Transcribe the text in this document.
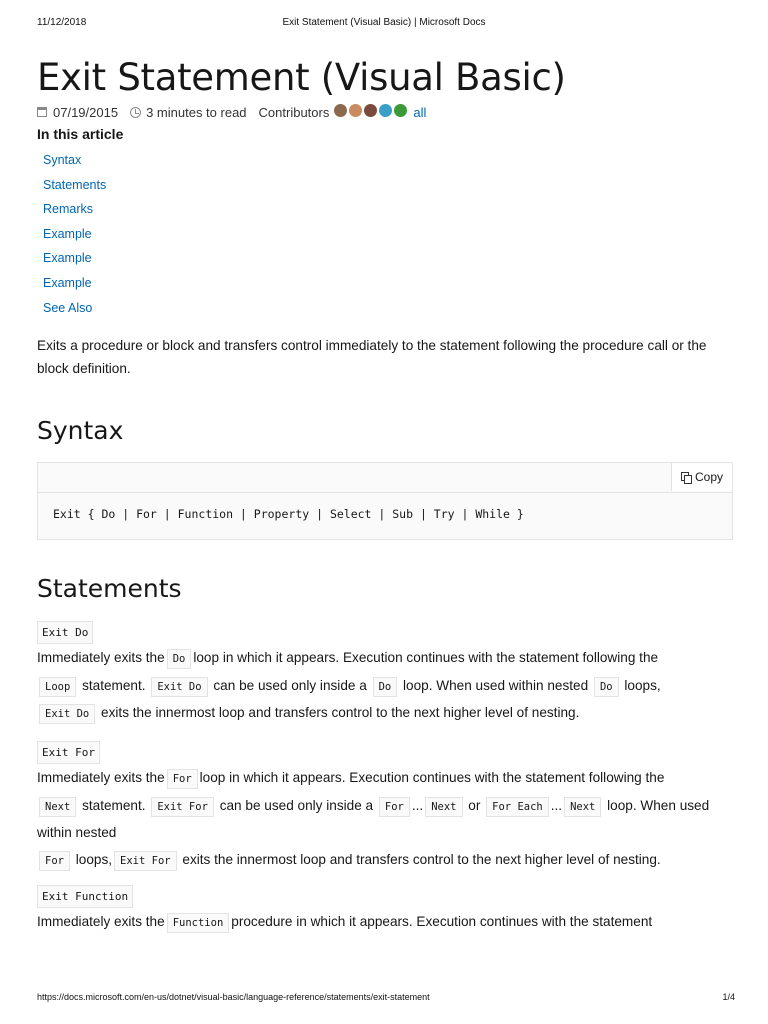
11/12/2018	Exit Statement (Visual Basic) | Microsoft Docs
Exit Statement (Visual Basic)
07/19/2015 3 minutes to read Contributors	all
In this article
Syntax
Statements
Remarks
Example
Example
Example
See Also

Exits a procedure or block and transfers control immediately to the statement following the procedure call or the block definition.

Syntax
Copy
Exit { Do | For | Function | Property | Select | Sub | Try | While }
Statements
Exit Do
Immediately exits the Do loop in which it appears. Execution continues with the statement following the
Loop statement. Exit Do can be used only inside a Do loop. When used within nested Do loops,
Exit Do exits the innermost loop and transfers control to the next higher level of nesting.
Exit For
Immediately exits the For loop in which it appears. Execution continues with the statement following the
Next statement. Exit For can be used only inside a For ... Next or For Each ... Next loop. When used within nested
For loops, Exit For exits the innermost loop and transfers control to the next higher level of nesting.
Exit Function
Immediately exits the Function procedure in which it appears. Execution continues with the statement
https://docs.microsoft.com/en-us/dotnet/visual-basic/language-reference/statements/exit-statement	1/4
